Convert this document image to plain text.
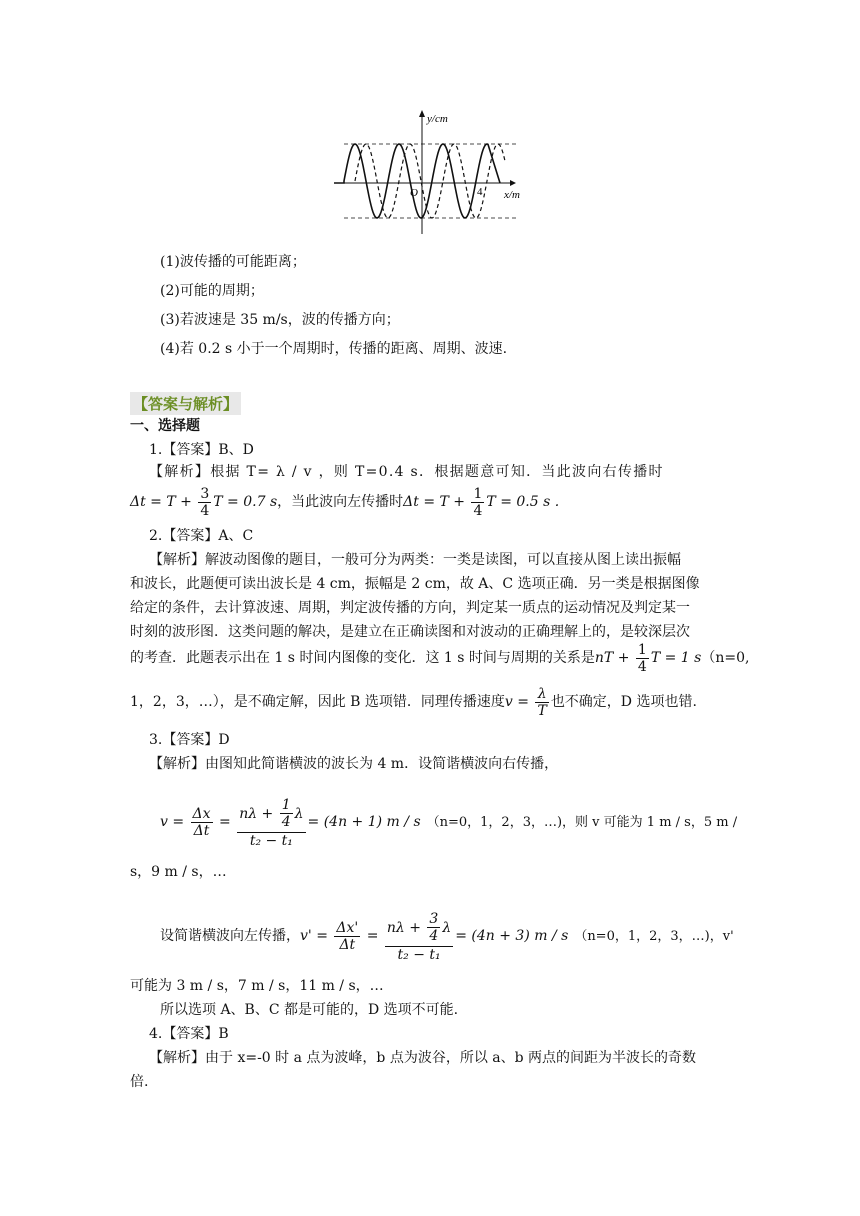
y/cm
x/m
O	4
(1)波传播的可能距离；
(2)可能的周期；
(3)若波速是 35 m/s，波的传播方向；
(4)若 0.2 s 小于一个周期时，传播的距离、周期、波速.
【答案与解析】
一、选择题
1.【答案】B、D
【解析】根据 T= λ / v ，则 T=0.4 s．根据题意可知．当此波向右传播时
$\Delta t = T + \frac{3}{4}$ T = 0.7 s，当此波向左传播时$\Delta t = T + \frac{1}{4}$ T = 0.5 s .
2.【答案】A、C
【解析】解波动图像的题目，一般可分为两类：一类是读图，可以直接从图上读出振幅
和波长，此题便可读出波长是 4 cm，振幅是 2 cm，故 A、C 选项正确．另一类是根据图像
给定的条件，去计算波速、周期，判定波传播的方向，判定某一质点的运动情况及判定某一
时刻的波形图．这类问题的解决，是建立在正确读图和对波动的正确理解上的，是较深层次
的考查．此题表示出在 1 s 时间内图像的变化．这 1 s 时间与周期的关系是nT + $\frac{1}{4}$ T = 1 s（n=0,
1，2，3，…），是不确定解，因此 B 选项错．同理传播速度$v = \frac{\lambda}{T}$ 也不确定，D 选项也错.
3.【答案】D
【解析】由图知此简谐横波的波长为 4 m．设简谐横波向右传播，
$v = \frac{\Delta x}{\Delta t} = \frac{n\lambda + \frac{1}{4} \lambda}{\text{t₂ − t₁}} = (4n + 1)$ m / s （n=0，1，2，3，…)，则 v 可能为 1 m / s，5 m /
s，9 m / s，…
设简谐横波向左传播，$v' = \frac{\Delta x'}{\Delta t} = \frac{n\lambda + \frac{3}{4} \lambda}{\text{t₂ − t₁}} = (4n + 3)$ m / s （n=0，1，2，3，…)，v'
可能为 3 m / s，7 m / s，11 m / s，…
所以选项 A、B、C 都是可能的，D 选项不可能.
4.【答案】B
【解析】由于 x=-0 时 a 点为波峰，b 点为波谷，所以 a、b 两点的间距为半波长的奇数
倍.
